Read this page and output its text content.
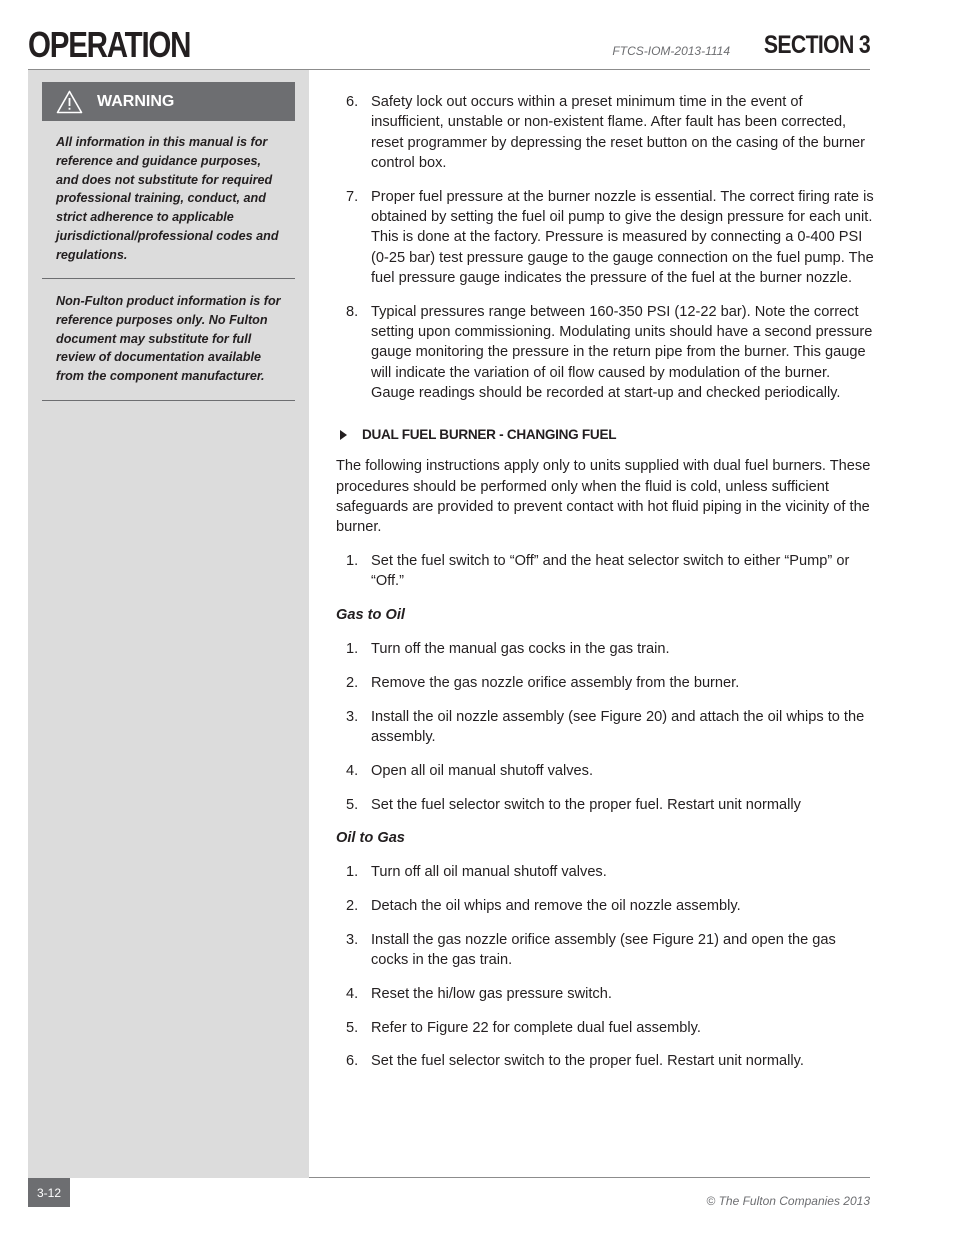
OPERATION	FTCS-IOM-2013-1114 SECTION 3
WARNING
All information in this manual is for reference and guidance purposes, and does not substitute for required professional training, conduct, and strict adherence to applicable jurisdictional/professional codes and regulations.
Non-Fulton product information is for reference purposes only. No Fulton document may substitute for full review of documentation available from the component manufacturer.
6. Safety lock out occurs within a preset minimum time in the event of insufficient, unstable or non-existent flame. After fault has been corrected, reset programmer by depressing the reset button on the casing of the burner control box.
7. Proper fuel pressure at the burner nozzle is essential. The correct firing rate is obtained by setting the fuel oil pump to give the design pressure for each unit. This is done at the factory. Pressure is measured by connecting a 0-400 PSI (0-25 bar) test pressure gauge to the gauge connection on the fuel pump. The fuel pressure gauge indicates the pressure of the fuel at the burner nozzle.
8. Typical pressures range between 160-350 PSI (12-22 bar). Note the correct setting upon commissioning. Modulating units should have a second pressure gauge monitoring the pressure in the return pipe from the burner. This gauge will indicate the variation of oil flow caused by modulation of the burner. Gauge readings should be recorded at start-up and checked periodically.
DUAL FUEL BURNER - CHANGING FUEL
The following instructions apply only to units supplied with dual fuel burners. These procedures should be performed only when the fluid is cold, unless sufficient safeguards are provided to prevent contact with hot fluid piping in the vicinity of the burner.
1. Set the fuel switch to “Off” and the heat selector switch to either “Pump” or “Off.”
Gas to Oil
1. Turn off the manual gas cocks in the gas train.
2. Remove the gas nozzle orifice assembly from the burner.
3. Install the oil nozzle assembly (see Figure 20) and attach the oil whips to the assembly.
4. Open all oil manual shutoff valves.
5. Set the fuel selector switch to the proper fuel. Restart unit normally
Oil to Gas
1. Turn off all oil manual shutoff valves.
2. Detach the oil whips and remove the oil nozzle assembly.
3. Install the gas nozzle orifice assembly (see Figure 21) and open the gas cocks in the gas train.
4. Reset the hi/low gas pressure switch.
5. Refer to Figure 22 for complete dual fuel assembly.
6. Set the fuel selector switch to the proper fuel. Restart unit normally.
3-12
© The Fulton Companies 2013
